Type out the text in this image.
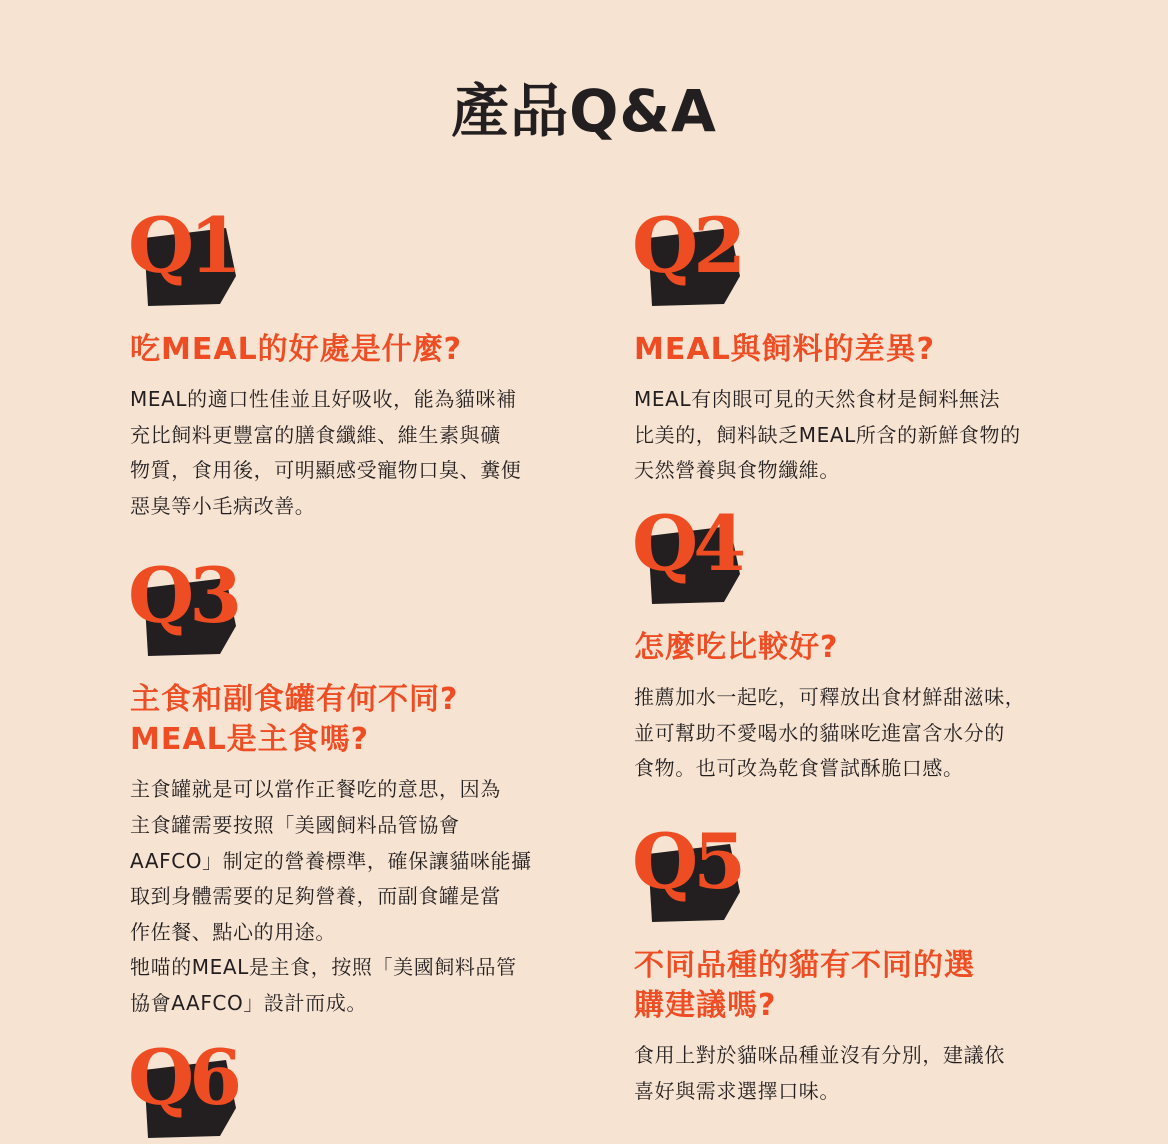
產品Q&A
Q1
吃MEAL的好處是什麼?

MEAL的適口性佳並且好吸收，能為貓咪補

充比飼料更豐富的膳食纖維、維生素與礦

物質，食用後，可明顯感受寵物口臭、糞便

惡臭等小毛病改善。

Q2
MEAL與飼料的差異?

MEAL有肉眼可見的天然食材是飼料無法

比美的，飼料缺乏MEAL所含的新鮮食物的

天然營養與食物纖維。

Q3
主食和副食罐有何不同?
MEAL是主食嗎?

主食罐就是可以當作正餐吃的意思，因為

主食罐需要按照「美國飼料品管協會

AAFCO」制定的營養標準，確保讓貓咪能攝

取到身體需要的足夠營養，而副食罐是當

作佐餐、點心的用途。

牠喵的MEAL是主食，按照「美國飼料品管

協會AAFCO」設計而成。

Q4
怎麼吃比較好?

推薦加水一起吃，可釋放出食材鮮甜滋味，

並可幫助不愛喝水的貓咪吃進富含水分的

食物。也可改為乾食嘗試酥脆口感。

Q5
不同品種的貓有不同的選
購建議嗎?

食用上對於貓咪品種並沒有分別，建議依

喜好與需求選擇口味。

Q6
